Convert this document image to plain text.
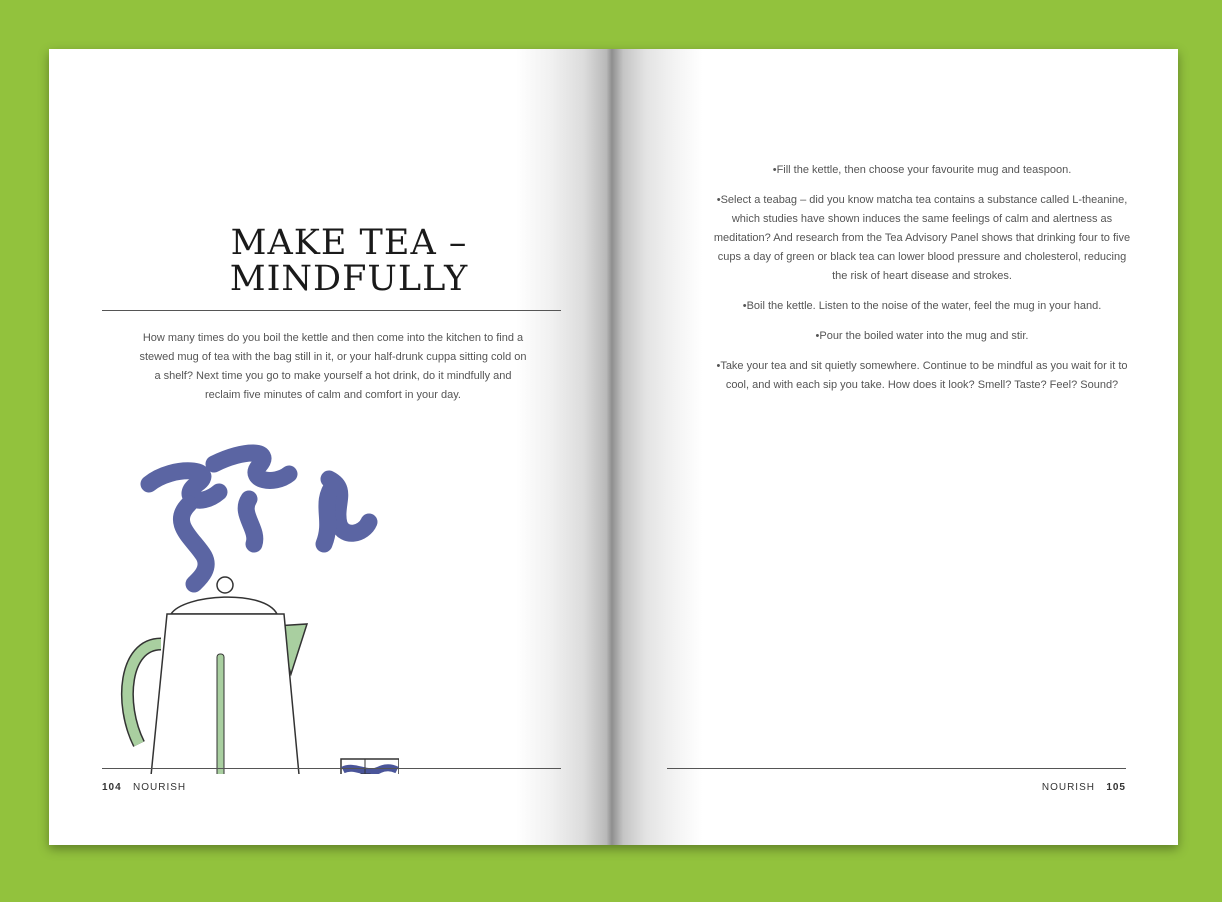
MAKE TEA –
MINDFULLY

How many times do you boil the kettle and then come into the kitchen to find a stewed mug of tea with the bag still in it, or your half-drunk cuppa sitting cold on a shelf? Next time you go to make yourself a hot drink, do it mindfully and reclaim five minutes of calm and comfort in your day.

104 NOURISH
• Fill the kettle, then choose your favourite mug and teaspoon.
• Select a teabag – did you know matcha tea contains a substance called L-theanine, which studies have shown induces the same feelings of calm and alertness as meditation? And research from the Tea Advisory Panel shows that drinking four to five cups a day of green or black tea can lower blood pressure and cholesterol, reducing the risk of heart disease and strokes.
• Boil the kettle. Listen to the noise of the water, feel the mug in your hand.
• Pour the boiled water into the mug and stir.
• Take your tea and sit quietly somewhere. Continue to be mindful as you wait for it to cool, and with each sip you take. How does it look? Smell? Taste? Feel? Sound?
NOURISH 105
